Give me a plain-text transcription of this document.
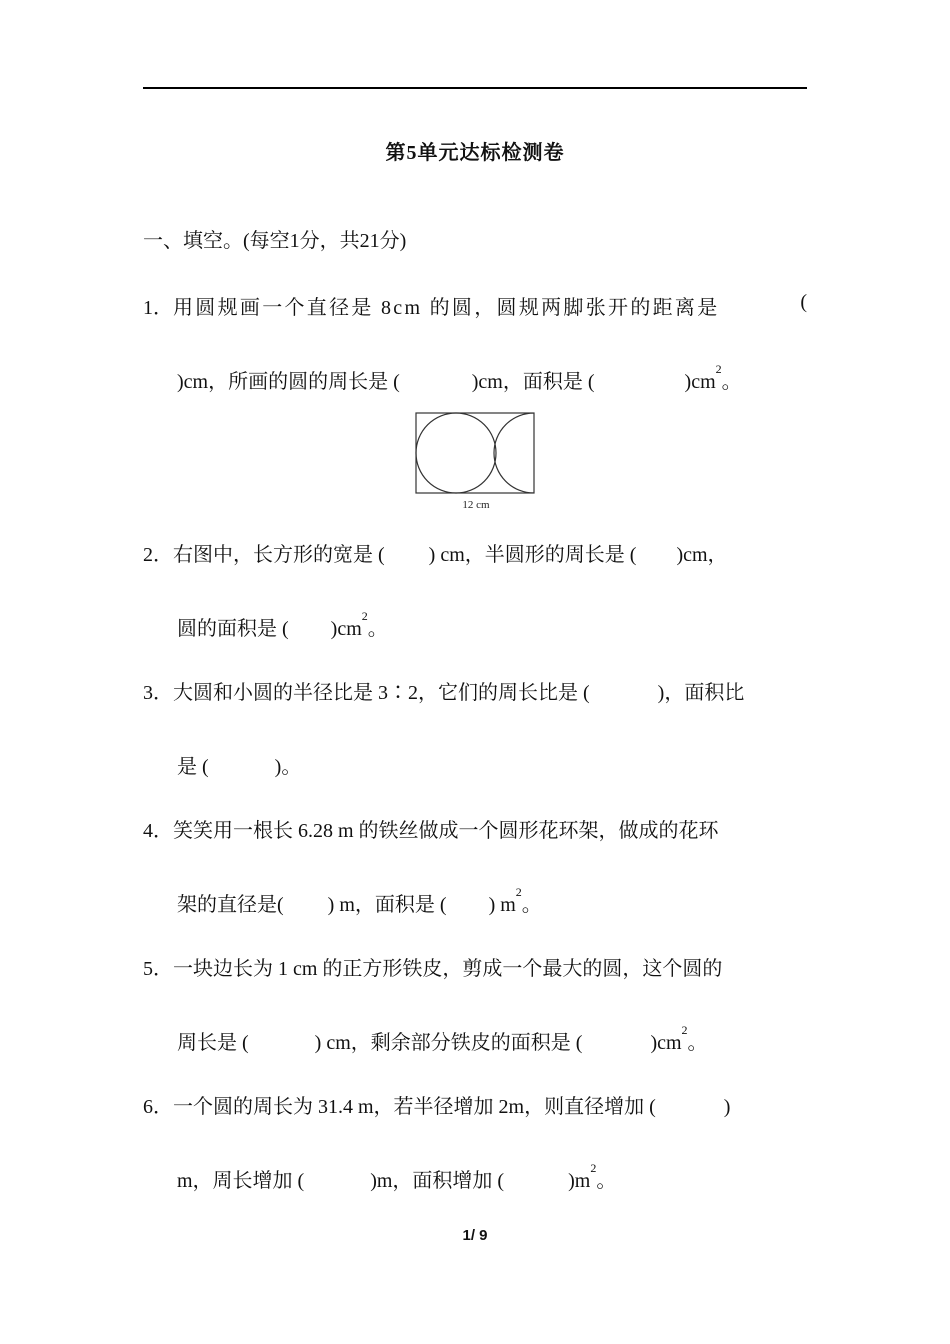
第5单元达标检测卷
一、填空。(每空1分，共21分)
1．用圆规画一个直径是 8cm 的圆，圆规两脚张开的距离是	(
)cm，所画的圆的周长是 (	)cm，面积是 (	)$cm^2$。
12 cm
2．右图中，长方形的宽是 ( ) cm，半圆形的周长是 ( )cm，
圆的面积是 ( )$cm^2$。
3．大圆和小圆的半径比是 3∶2，它们的周长比是 (	)，面积比
是 (	)。
4．笑笑用一根长 6.28 m 的铁丝做成一个圆形花环架，做成的花环
架的直径是( ) m，面积是 ( ) $m^2$。
5．一块边长为 1 cm 的正方形铁皮，剪成一个最大的圆，这个圆的
周长是 (	) cm，剩余部分铁皮的面积是 (	)$cm^2$。
6．一个圆的周长为 31.4 m，若半径增加 2m，则直径增加 (	)
m，周长增加 (	)m，面积增加 (	)$m^2$。
1/ 9
